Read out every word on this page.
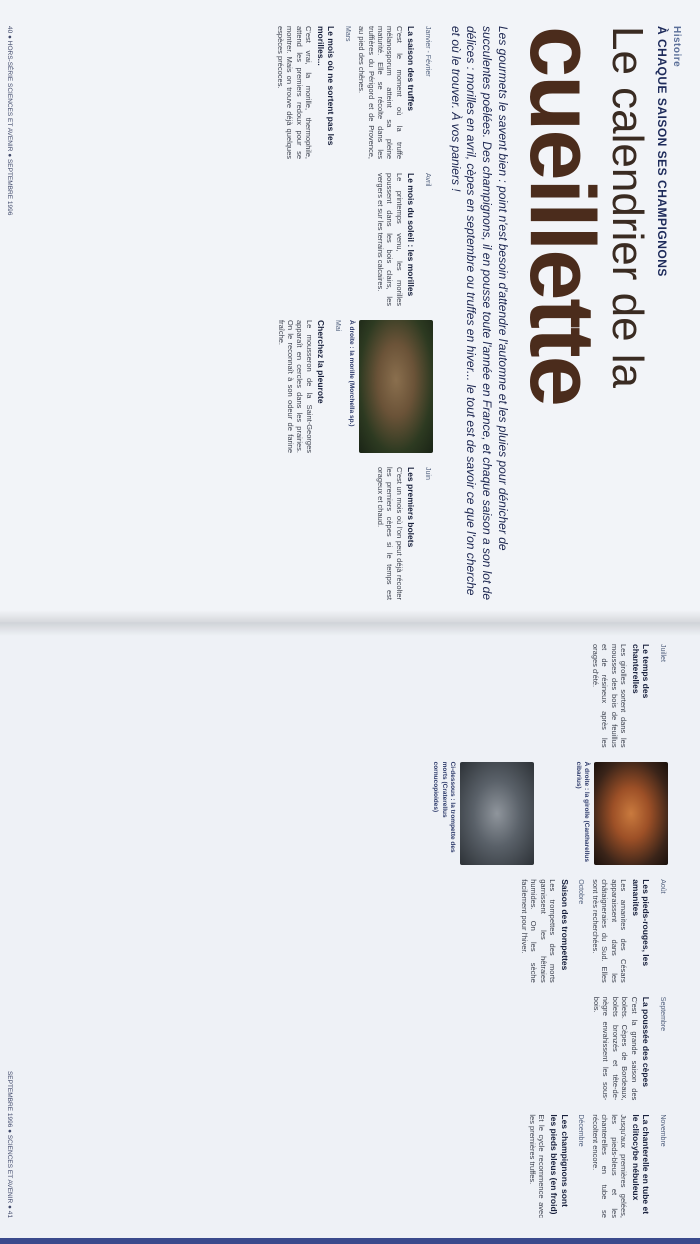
Histoire
À CHAQUE SAISON SES CHAMPIGNONS
Le calendrier de la
cueillette
Les gourmets le savent bien : point n'est besoin d'attendre l'automne et les pluies pour dénicher de succulentes poêlées. Des champignons, il en pousse toute l'année en France, et chaque saison a son lot de délices : morilles en avril, cèpes en septembre ou truffes en hiver... le tout est de savoir ce que l'on cherche et où le trouver. À vos paniers !
Janvier - Février
La saison des truffes

C'est le moment où la truffe mélanosporum atteint sa pleine maturité. Elle se récolte dans les truffières du Périgord et de Provence, au pied des chênes.

Mars
Le mois où ne sortent pas les morilles...

C'est vrai, la morille, thermophile, attend les premiers redoux pour se montrer. Mais on trouve déjà quelques espèces précoces.

Avril
Le mois du soleil : les morilles

Le printemps venu, les morilles poussent dans les bois clairs, les vergers et sur les terrains calcaires.

À droite : la morille (Morchella sp.)
Mai
Cherchez la pleurote

Le mousseron de la Saint-Georges apparaît en cercles dans les prairies. On le reconnaît à son odeur de farine fraîche.

Juin
Les premiers bolets

C'est un mois où l'on peut déjà récolter les premiers cèpes si le temps est orageux et chaud.

40 ● HORS-SÉRIE SCIENCES ET AVENIR ● SEPTEMBRE 1996
Juillet
Le temps des chanterelles

Les girolles sortent dans les mousses des bois de feuillus et de résineux après les orages d'été.

À droite : la girolle (Cantharellus cibarius)
Ci-dessous : la trompette des morts (Craterellus cornucopioides)
Août
Les pieds-rouges, les amanites

Les amanites des Césars apparaissent dans les châtaigneraies du Sud. Elles sont très recherchées.

Octobre
Saison des trompettes

Les trompettes des morts garnissent les hêtraies humides. On les sèche facilement pour l'hiver.

Septembre
La poussée des cèpes

C'est la grande saison des bolets. Cèpes de Bordeaux, bolets bronzés et tête-de-nègre envahissent les sous-bois.

Novembre
La chanterelle en tube et le clitocybe nébuleux

Jusqu'aux premières gelées, les pieds-bleus et les chanterelles en tube se récoltent encore.

Décembre
Les champignons sont les pieds bleus (en froid)

Et le cycle recommence avec les premières truffes.

SEPTEMBRE 1996 ● SCIENCES ET AVENIR ● 41
